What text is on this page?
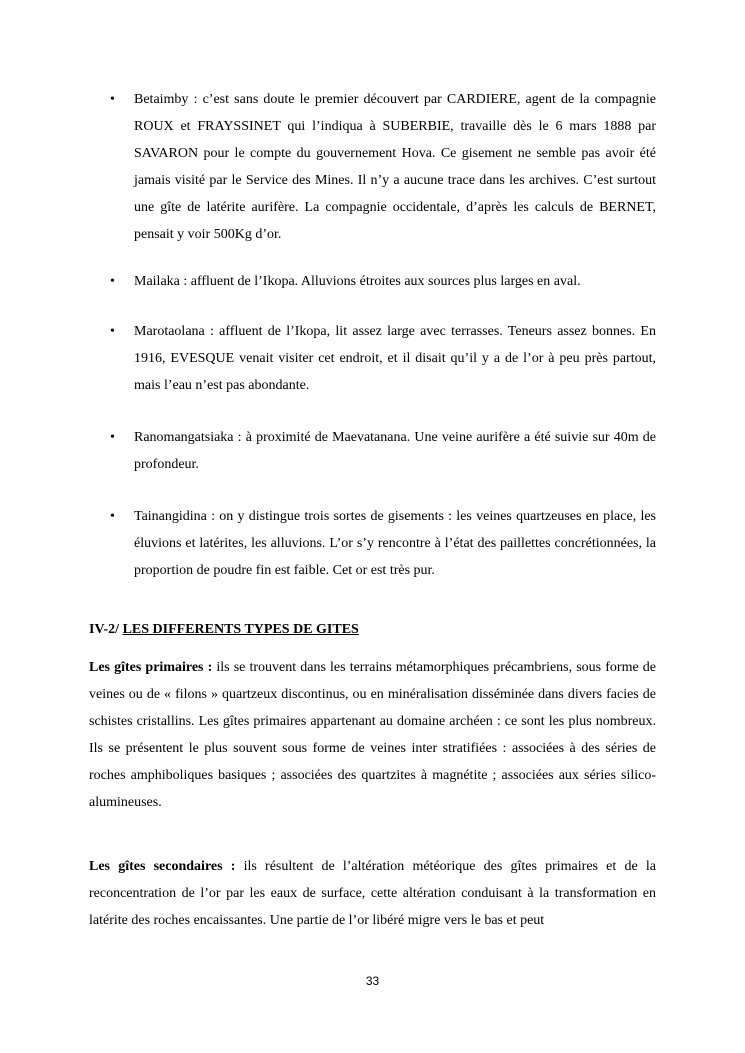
• Betaimby : c’est sans doute le premier découvert par CARDIERE, agent de la compagnie ROUX et FRAYSSINET qui l’indiqua à SUBERBIE, travaille dès le 6 mars 1888 par SAVARON pour le compte du gouvernement Hova. Ce gisement ne semble pas avoir été jamais visité par le Service des Mines. Il n’y a aucune trace dans les archives. C’est surtout une gîte de latérite aurifère. La compagnie occidentale, d’après les calculs de BERNET, pensait y voir 500Kg d’or.
• Mailaka : affluent de l’Ikopa. Alluvions étroites aux sources plus larges en aval.
• Marotaolana : affluent de l’Ikopa, lit assez large avec terrasses. Teneurs assez bonnes. En 1916, EVESQUE venait visiter cet endroit, et il disait qu’il y a de l’or à peu près partout, mais l’eau n’est pas abondante.
• Ranomangatsiaka : à proximité de Maevatanana. Une veine aurifère a été suivie sur 40m de profondeur.
• Tainangidina : on y distingue trois sortes de gisements : les veines quartzeuses en place, les éluvions et latérites, les alluvions. L’or s’y rencontre à l’état des paillettes concrétionnées, la proportion de poudre fin est faible. Cet or est très pur.
IV-2/ LES DIFFERENTS TYPES DE GITES

Les gîtes primaires : ils se trouvent dans les terrains métamorphiques précambriens, sous forme de veines ou de « filons » quartzeux discontinus, ou en minéralisation disséminée dans divers facies de schistes cristallins. Les gîtes primaires appartenant au domaine archéen : ce sont les plus nombreux. Ils se présentent le plus souvent sous forme de veines inter stratifiées : associées à des séries de roches amphiboliques basiques ; associées des quartzites à magnétite ; associées aux séries silico-alumineuses.

Les gîtes secondaires : ils résultent de l’altération météorique des gîtes primaires et de la reconcentration de l’or par les eaux de surface, cette altération conduisant à la transformation en latérite des roches encaissantes. Une partie de l’or libéré migre vers le bas et peut

33
